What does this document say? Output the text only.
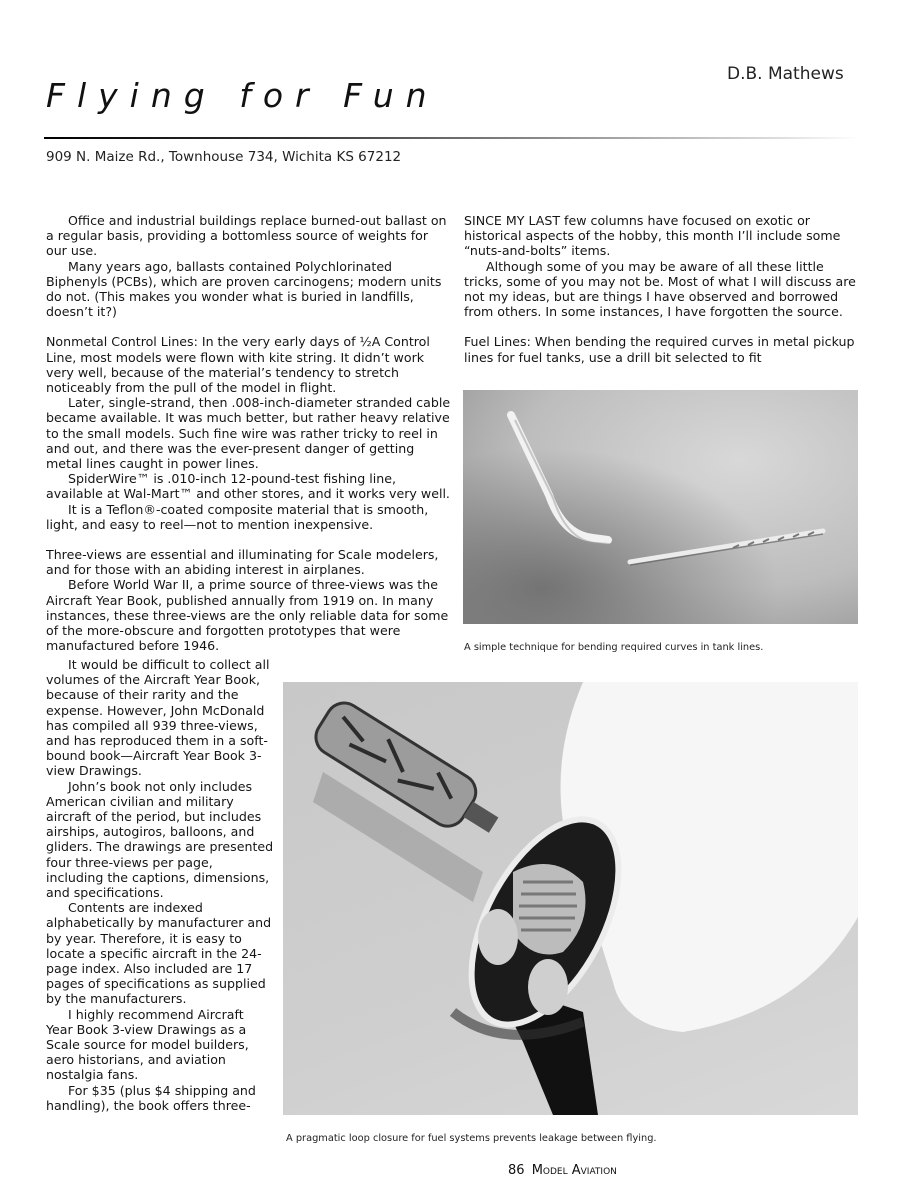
Flying for Fun
D.B. Mathews
909 N. Maize Rd., Townhouse 734, Wichita KS 67212

Office and industrial buildings replace burned-out ballast on a regular basis, providing a bottomless source of weights for our use.

Many years ago, ballasts contained Polychlorinated Biphenyls (PCBs), which are proven carcinogens; modern units do not. (This makes you wonder what is buried in landfills, doesn’t it?)

Nonmetal Control Lines: In the very early days of ½A Control Line, most models were flown with kite string. It didn’t work very well, because of the material’s tendency to stretch noticeably from the pull of the model in flight.

Later, single-strand, then .008-inch-diameter stranded cable became available. It was much better, but rather heavy relative to the small models. Such fine wire was rather tricky to reel in and out, and there was the ever-present danger of getting metal lines caught in power lines.

SpiderWire™ is .010-inch 12-pound-test fishing line, available at Wal-Mart™ and other stores, and it works very well.

It is a Teflon®-coated composite material that is smooth, light, and easy to reel—not to mention inexpensive.

Three-views are essential and illuminating for Scale modelers, and for those with an abiding interest in airplanes.

Before World War II, a prime source of three-views was the Aircraft Year Book, published annually from 1919 on. In many instances, these three-views are the only reliable data for some of the more-obscure and forgotten prototypes that were manufactured before 1946.

It would be difficult to collect all volumes of the Aircraft Year Book, because of their rarity and the expense. However, John McDonald has compiled all 939 three-views, and has reproduced them in a soft-bound book—Aircraft Year Book 3-view Drawings.

John’s book not only includes American civilian and military aircraft of the period, but includes airships, autogiros, balloons, and gliders. The drawings are presented four three-views per page, including the captions, dimensions, and specifications.

Contents are indexed alphabetically by manufacturer and by year. Therefore, it is easy to locate a specific aircraft in the 24-page index. Also included are 17 pages of specifications as supplied by the manufacturers.

I highly recommend Aircraft Year Book 3-view Drawings as a Scale source for model builders, aero historians, and aviation nostalgia fans.

For $35 (plus $4 shipping and handling), the book offers three-

SINCE MY LAST few columns have focused on exotic or historical aspects of the hobby, this month I’ll include some “nuts-and-bolts” items.

Although some of you may be aware of all these little tricks, some of you may not be. Most of what I will discuss are not my ideas, but are things I have observed and borrowed from others. In some instances, I have forgotten the source.

Fuel Lines: When bending the required curves in metal pickup lines for fuel tanks, use a drill bit selected to fit

A simple technique for bending required curves in tank lines.
A pragmatic loop closure for fuel systems prevents leakage between flying.
86 Model Aviation
